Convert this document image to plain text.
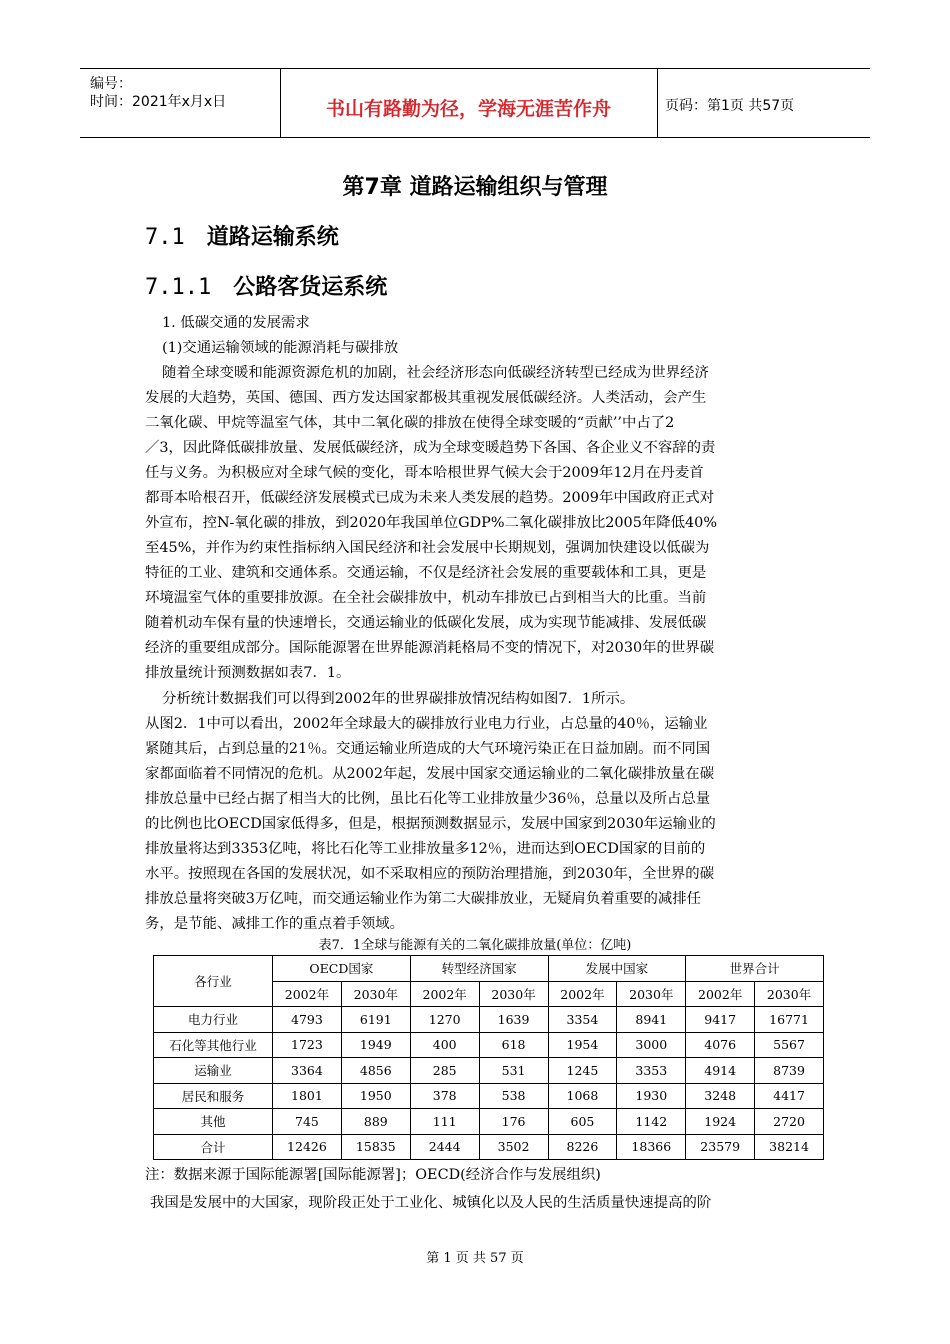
编号：
时间：2021年x月x日	书山有路勤为径，学海无涯苦作舟	页码：第1页 共57页
第7章 道路运输组织与管理
7.1 道路运输系统
7.1.1 公路客货运系统
1. 低碳交通的发展需求
(1)交通运输领域的能源消耗与碳排放
随着全球变暖和能源资源危机的加剧，社会经济形态向低碳经济转型已经成为世界经济
发展的大趋势，英国、德国、西方发达国家都极其重视发展低碳经济。人类活动，会产生
二氧化碳、甲烷等温室气体，其中二氧化碳的排放在使得全球变暖的“贡献’’中占了2
／3，因此降低碳排放量、发展低碳经济，成为全球变暖趋势下各国、各企业义不容辞的责
任与义务。为积极应对全球气候的变化，哥本哈根世界气候大会于2009年12月在丹麦首
都哥本哈根召开，低碳经济发展模式已成为未来人类发展的趋势。2009年中国政府正式对
外宣布，控N-氧化碳的排放，到2020年我国单位GDP%二氧化碳排放比2005年降低40%
至45%，并作为约束性指标纳入国民经济和社会发展中长期规划，强调加快建设以低碳为
特征的工业、建筑和交通体系。交通运输，不仅是经济社会发展的重要载体和工具，更是
环境温室气体的重要排放源。在全社会碳排放中，机动车排放已占到相当大的比重。当前
随着机动车保有量的快速增长，交通运输业的低碳化发展，成为实现节能减排、发展低碳
经济的重要组成部分。国际能源署在世界能源消耗格局不变的情况下，对2030年的世界碳
排放量统计预测数据如表7．1。
分析统计数据我们可以得到2002年的世界碳排放情况结构如图7．1所示。
从图2．1中可以看出，2002年全球最大的碳排放行业电力行业，占总量的40％，运输业
紧随其后，占到总量的21％。交通运输业所造成的大气环境污染正在日益加剧。而不同国
家都面临着不同情况的危机。从2002年起，发展中国家交通运输业的二氧化碳排放量在碳
排放总量中已经占据了相当大的比例，虽比石化等工业排放量少36％，总量以及所占总量
的比例也比OECD国家低得多，但是，根据预测数据显示，发展中国家到2030年运输业的
排放量将达到3353亿吨，将比石化等工业排放量多12％，进而达到OECD国家的目前的
水平。按照现在各国的发展状况，如不采取相应的预防治理措施，到2030年，全世界的碳
排放总量将突破3万亿吨，而交通运输业作为第二大碳排放业，无疑肩负着重要的减排任
务，是节能、减排工作的重点着手领域。
表7．1全球与能源有关的二氧化碳排放量(单位：亿吨)
各行业	OECD国家		转型经济国家		发展中国家		世界合计	
	2002年	2030年	2002年	2030年	2002年	2030年	2002年	2030年
电力行业	4793	6191	1270	1639	3354	8941	9417	16771
石化等其他行业	1723	1949	400	618	1954	3000	4076	5567
运输业	3364	4856	285	531	1245	3353	4914	8739
居民和服务	1801	1950	378	538	1068	1930	3248	4417
其他	745	889	111	176	605	1142	1924	2720
合计	12426	15835	2444	3502	8226	18366	23579	38214
注：数据来源于国际能源署[国际能源署]；OECD(经济合作与发展组织)
我国是发展中的大国家，现阶段正处于工业化、城镇化以及人民的生活质量快速提高的阶
第 1 页 共 57 页
